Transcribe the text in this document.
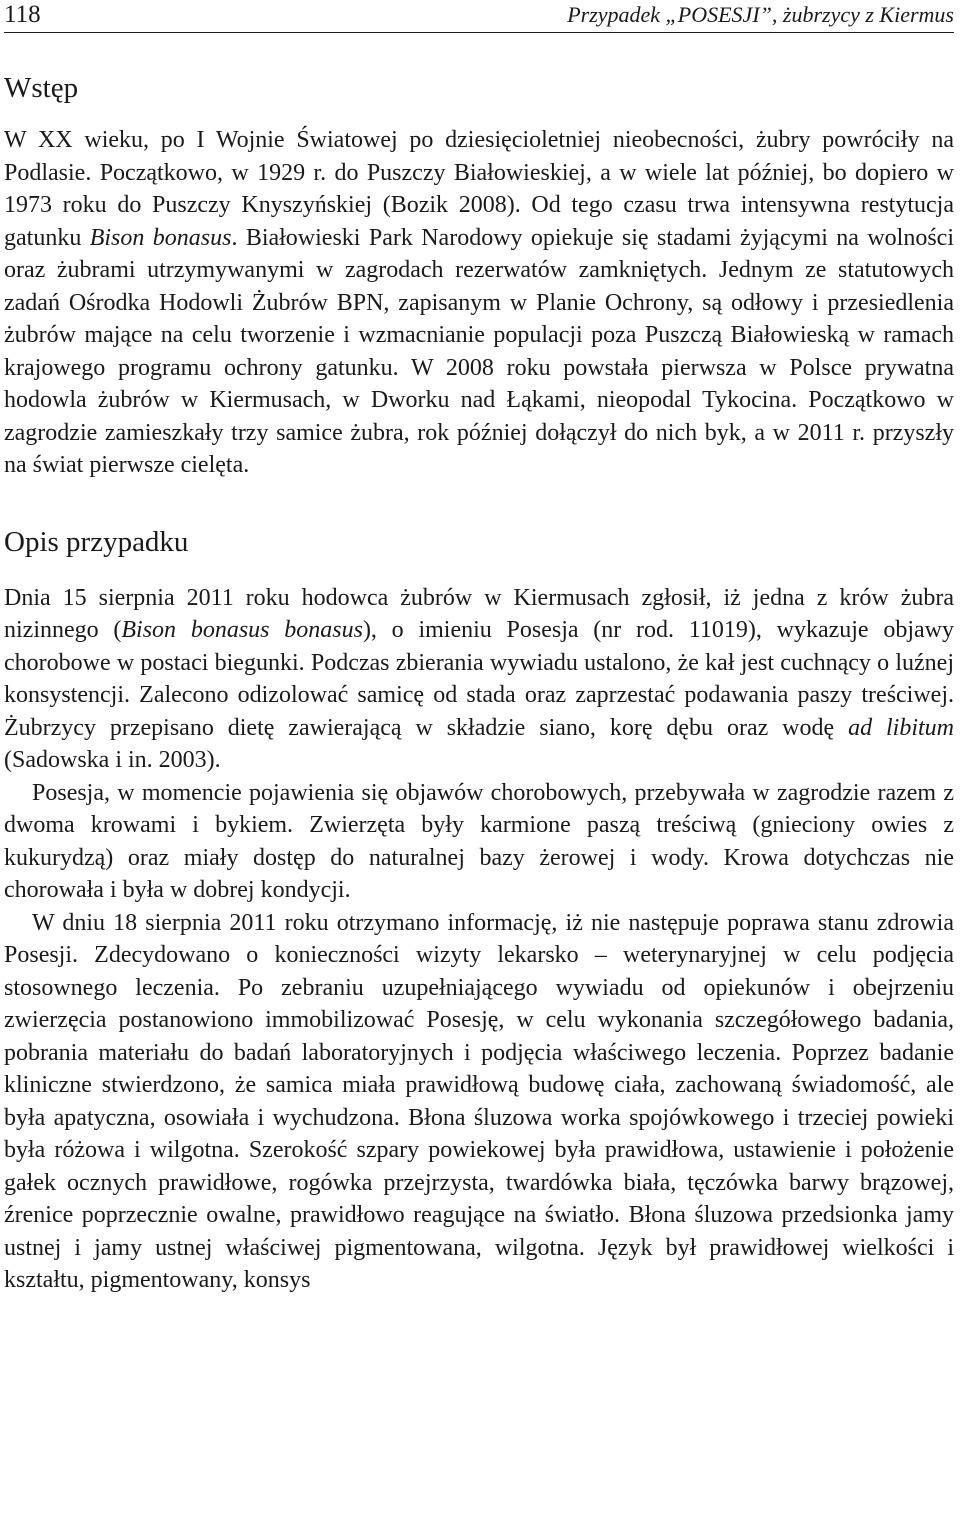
118	Przypadek „POSESJI”, żubrzycy z Kiermus
Wstęp

W XX wieku, po I Wojnie Światowej po dziesięcioletniej nieobecności, żubry powróciły na Podlasie. Początkowo, w 1929 r. do Puszczy Białowieskiej, a w wiele lat później, bo dopiero w 1973 roku do Puszczy Knyszyńskiej (Bozik 2008). Od tego czasu trwa intensywna restytucja gatunku Bison bonasus. Białowieski Park Narodowy opiekuje się stadami żyjącymi na wolności oraz żubrami utrzymywanymi w zagrodach rezerwatów zamkniętych. Jednym ze statutowych zadań Ośrodka Hodowli Żubrów BPN, zapisanym w Planie Ochrony, są odłowy i przesiedlenia żubrów mające na celu tworzenie i wzmacnianie populacji poza Puszczą Białowieską w ramach krajowego programu ochrony gatunku. W 2008 roku powstała pierwsza w Polsce prywatna hodowla żubrów w Kiermusach, w Dworku nad Łąkami, nieopodal Tykocina. Początkowo w zagrodzie zamieszkały trzy samice żubra, rok później dołączył do nich byk, a w 2011 r. przyszły na świat pierwsze cielęta.

Opis przypadku

Dnia 15 sierpnia 2011 roku hodowca żubrów w Kiermusach zgłosił, iż jedna z krów żubra nizinnego (Bison bonasus bonasus), o imieniu Posesja (nr rod. 11019), wykazuje objawy chorobowe w postaci biegunki. Podczas zbierania wywiadu ustalono, że kał jest cuchnący o luźnej konsystencji. Zalecono odizolować samicę od stada oraz zaprzestać podawania paszy treściwej. Żubrzycy przepisano dietę zawierającą w składzie siano, korę dębu oraz wodę ad libitum (Sadowska i in. 2003).

Posesja, w momencie pojawienia się objawów chorobowych, przebywała w zagrodzie razem z dwoma krowami i bykiem. Zwierzęta były karmione paszą treściwą (gnieciony owies z kukurydzą) oraz miały dostęp do naturalnej bazy żerowej i wody. Krowa dotychczas nie chorowała i była w dobrej kondycji.

W dniu 18 sierpnia 2011 roku otrzymano informację, iż nie następuje poprawa stanu zdrowia Posesji. Zdecydowano o konieczności wizyty lekarsko – weterynaryjnej w celu podjęcia stosownego leczenia. Po zebraniu uzupełniającego wywiadu od opiekunów i obejrzeniu zwierzęcia postanowiono immobilizować Posesję, w celu wykonania szczegółowego badania, pobrania materiału do badań laboratoryjnych i podjęcia właściwego leczenia. Poprzez badanie kliniczne stwierdzono, że samica miała prawidłową budowę ciała, zachowaną świadomość, ale była apatyczna, osowiała i wychudzona. Błona śluzowa worka spojówkowego i trzeciej powieki była różowa i wilgotna. Szerokość szpary powiekowej była prawidłowa, ustawienie i położenie gałek ocznych prawidłowe, rogówka przejrzysta, twardówka biała, tęczówka barwy brązowej, źrenice poprzecznie owalne, prawidłowo reagujące na światło. Błona śluzowa przedsionka jamy ustnej i jamy ustnej właściwej pigmentowana, wilgotna. Język był prawidłowej wielkości i kształtu, pigmentowany, konsys
